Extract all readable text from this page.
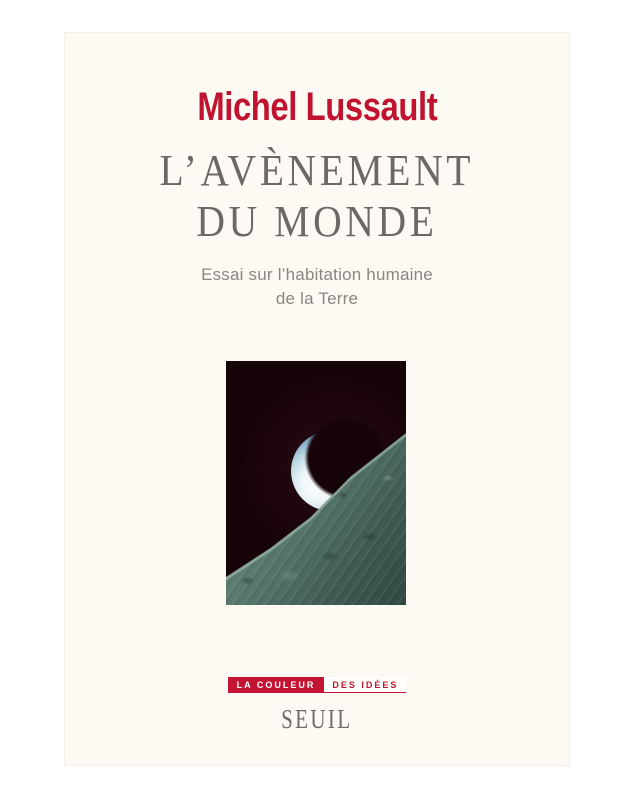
Michel Lussault
L’AVÈNEMENT
DU MONDE
Essai sur l’habitation humaine
de la Terre
LA COULEUR	DES IDÉES
SEUIL
